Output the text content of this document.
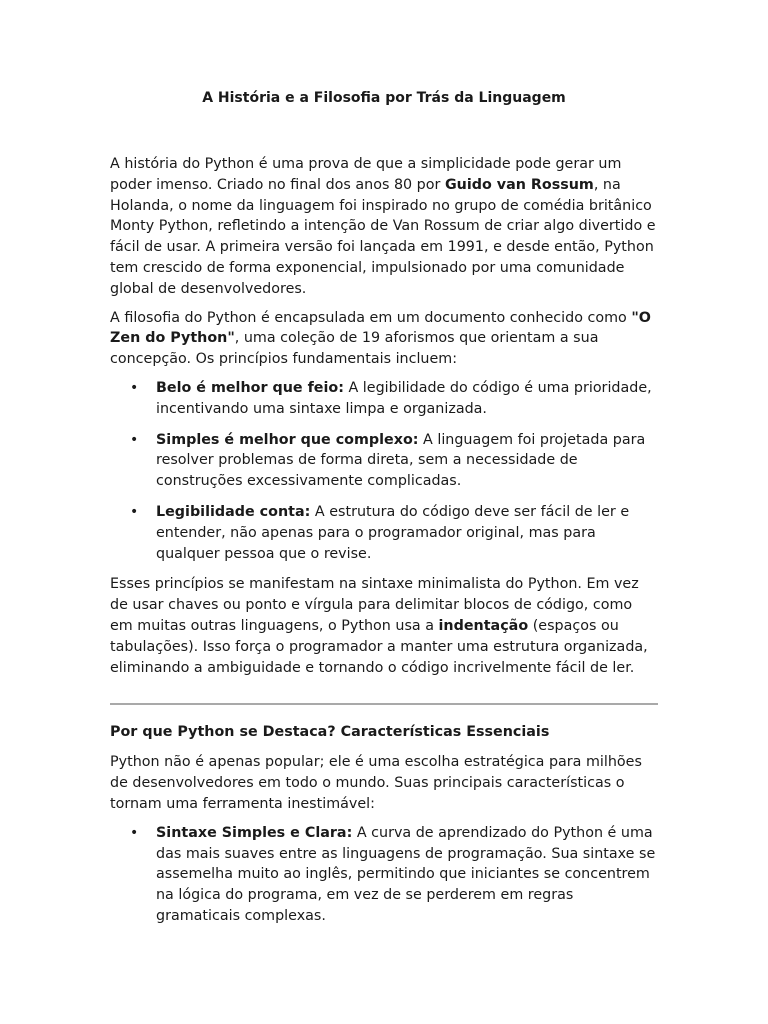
A História e a Filosofia por Trás da Linguagem

A história do Python é uma prova de que a simplicidade pode gerar um poder imenso. Criado no final dos anos 80 por Guido van Rossum, na Holanda, o nome da linguagem foi inspirado no grupo de comédia britânico Monty Python, refletindo a intenção de Van Rossum de criar algo divertido e fácil de usar. A primeira versão foi lançada em 1991, e desde então, Python tem crescido de forma exponencial, impulsionado por uma comunidade global de desenvolvedores.

A filosofia do Python é encapsulada em um documento conhecido como "O Zen do Python", uma coleção de 19 aforismos que orientam a sua concepção. Os princípios fundamentais incluem:

• Belo é melhor que feio: A legibilidade do código é uma prioridade, incentivando uma sintaxe limpa e organizada.
• Simples é melhor que complexo: A linguagem foi projetada para resolver problemas de forma direta, sem a necessidade de construções excessivamente complicadas.
• Legibilidade conta: A estrutura do código deve ser fácil de ler e entender, não apenas para o programador original, mas para qualquer pessoa que o revise.

Esses princípios se manifestam na sintaxe minimalista do Python. Em vez de usar chaves ou ponto e vírgula para delimitar blocos de código, como em muitas outras linguagens, o Python usa a indentação (espaços ou tabulações). Isso força o programador a manter uma estrutura organizada, eliminando a ambiguidade e tornando o código incrivelmente fácil de ler.

Por que Python se Destaca? Características Essenciais

Python não é apenas popular; ele é uma escolha estratégica para milhões de desenvolvedores em todo o mundo. Suas principais características o tornam uma ferramenta inestimável:

• Sintaxe Simples e Clara: A curva de aprendizado do Python é uma das mais suaves entre as linguagens de programação. Sua sintaxe se assemelha muito ao inglês, permitindo que iniciantes se concentrem na lógica do programa, em vez de se perderem em regras gramaticais complexas.
